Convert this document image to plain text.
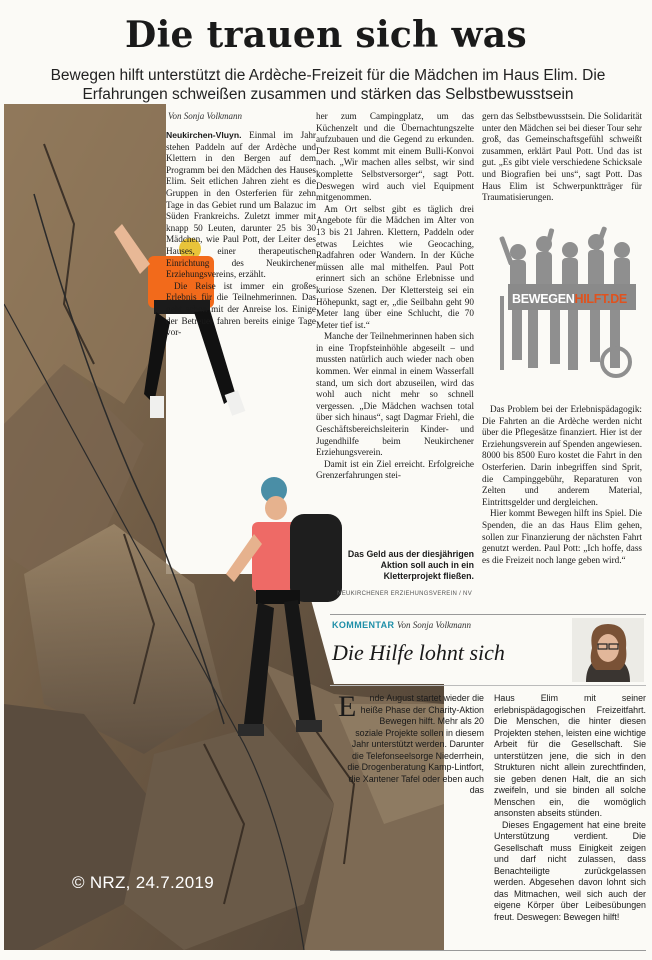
Die trauen sich was
Bewegen hilft unterstützt die Ardèche-Freizeit für die Mädchen im Haus Elim. Die Erfahrungen schweißen zusammen und stärken das Selbstbewusstsein
Von Sonja Volkmann

Neukirchen-Vluyn. Einmal im Jahr stehen Paddeln auf der Ardèche und Klettern in den Bergen auf dem Programm bei den Mädchen des Hauses Elim. Seit etlichen Jahren zieht es die Gruppen in den Osterferien für zehn Tage in das Gebiet rund um Balazuc im Süden Frankreichs. Zuletzt immer mit knapp 50 Leuten, darunter 25 bis 30 Mädchen, wie Paul Pott, der Leiter des Hauses, einer therapeutischen Einrichtung des Neukirchener Erziehungsvereins, erzählt.

Die Reise ist immer ein großes Erlebnis für die Teilnehmerinnen. Das geht schon mit der Anreise los. Einige der Betreuer fahren bereits einige Tage vor-

her zum Campingplatz, um das Küchenzelt und die Übernachtungszelte aufzubauen und die Gegend zu erkunden. Der Rest kommt mit einem Bulli-Konvoi nach. „Wir machen alles selbst, wir sind komplette Selbstversorger“, sagt Pott. Deswegen wird auch viel Equipment mitgenommen.

Am Ort selbst gibt es täglich drei Angebote für die Mädchen im Alter von 13 bis 21 Jahren. Klettern, Paddeln oder etwas Leichtes wie Geocaching, Radfahren oder Wandern. In der Küche müssen alle mal mithelfen. Paul Pott erinnert sich an schöne Erlebnisse und kuriose Szenen. Der Klettersteig sei ein Höhepunkt, sagt er, „die Seilbahn geht 90 Meter lang über eine Schlucht, die 70 Meter tief ist.“

Manche der Teilnehmerinnen haben sich in eine Tropfsteinhöhle abgeseilt – und mussten natürlich auch wieder nach oben kommen. Wer einmal in einem Wasserfall stand, um sich dort abzuseilen, wird das wohl auch nicht mehr so schnell vergessen. „Die Mädchen wachsen total über sich hinaus“, sagt Dagmar Friehl, die Geschäftsbereichsleiterin Kinder- und Jugendhilfe beim Neukirchener Erziehungsverein.

Damit ist ein Ziel erreicht. Erfolgreiche Grenzerfahrungen stei-

gern das Selbstbewusstsein. Die Solidarität unter den Mädchen sei bei dieser Tour sehr groß, das Gemeinschaftsgefühl schweißt zusammen, erklärt Paul Pott. Und das ist gut. „Es gibt viele verschiedene Schicksale und Biografien bei uns“, sagt Pott. Das Haus Elim ist Schwerpunktträger für Traumatisierungen.

BEWEGENHILFT.DE

Das Problem bei der Erlebnispädagogik: Die Fahrten an die Ardèche werden nicht über die Pflegesätze finanziert. Hier ist der Erziehungsverein auf Spenden angewiesen. 8000 bis 8500 Euro kostet die Fahrt in den Osterferien. Darin inbegriffen sind Sprit, die Campinggebühr, Reparaturen von Zelten und anderem Material, Eintrittsgelder und dergleichen.

Hier kommt Bewegen hilft ins Spiel. Die Spenden, die an das Haus Elim gehen, sollen zur Finanzierung der nächsten Fahrt genutzt werden. Paul Pott: „Ich hoffe, dass es die Freizeit noch lange geben wird.“

Das Geld aus der diesjährigen Aktion soll auch in ein Kletterprojekt fließen.
NEUKIRCHENER ERZIEHUNGSVEREIN / NV
KOMMENTAR Von Sonja Volkmann
Die Hilfe lohnt sich

E nde August startet wieder die heiße Phase der Charity-Aktion Bewegen hilft. Mehr als 20 soziale Projekte sollen in diesem Jahr unterstützt werden. Darunter die Telefonseelsorge Niederrhein, die Drogenberatung Kamp-Lintfort, die Xantener Tafel oder eben auch das

Haus Elim mit seiner erlebnispädagogischen Freizeitfahrt. Die Menschen, die hinter diesen Projekten stehen, leisten eine wichtige Arbeit für die Gesellschaft. Sie unterstützen jene, die sich in den Strukturen nicht allein zurechtfinden, sie geben denen Halt, die an sich zweifeln, und sie binden all solche Menschen ein, die womöglich ansonsten abseits stünden.

Dieses Engagement hat eine breite Unterstützung verdient. Die Gesellschaft muss Einigkeit zeigen und darf nicht zulassen, dass Benachteiligte zurückgelassen werden. Abgesehen davon lohnt sich das Mitmachen, weil sich auch der eigene Körper über Leibesübungen freut. Deswegen: Bewegen hilft!

© NRZ, 24.7.2019
